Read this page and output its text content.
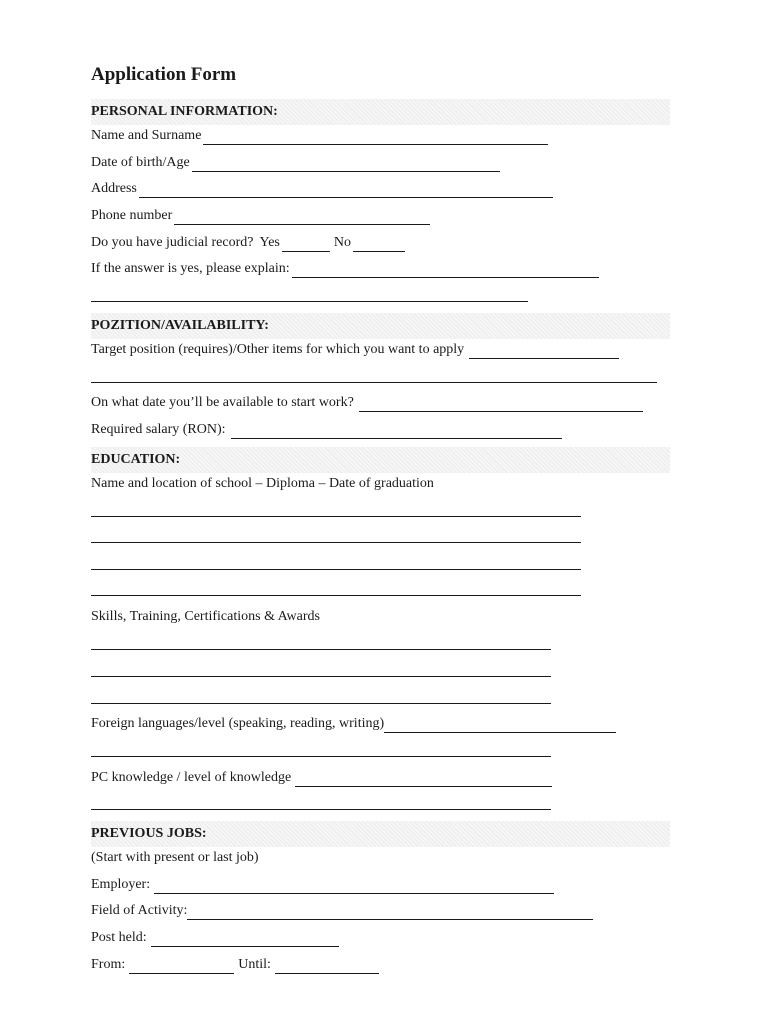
Application Form
PERSONAL INFORMATION:
Name and Surname
Date of birth/Age
Address
Phone number
Do you have judicial record? Yes	No
If the answer is yes, please explain:
POZITION/AVAILABILITY:
Target position (requires)/Other items for which you want to apply
On what date you’ll be available to start work?
Required salary (RON):
EDUCATION:
Name and location of school – Diploma – Date of graduation
Skills, Training, Certifications & Awards
Foreign languages/level (speaking, reading, writing)
PC knowledge / level of knowledge
PREVIOUS JOBS:
(Start with present or last job)
Employer:
Field of Activity:
Post held:
From:	Until:
